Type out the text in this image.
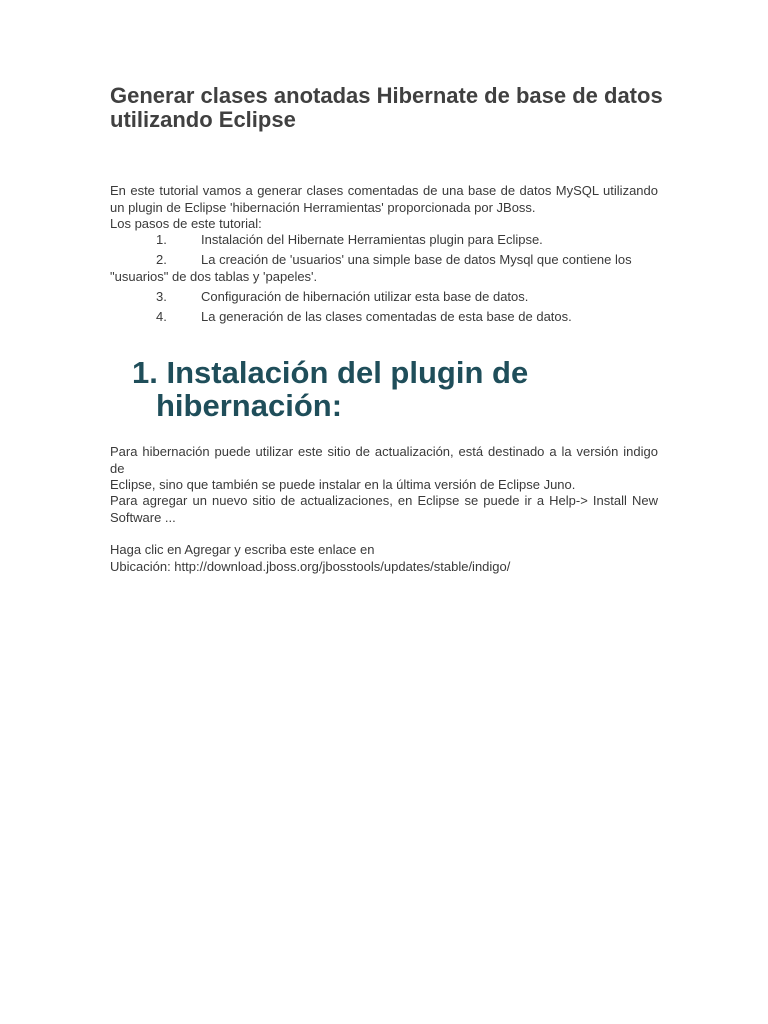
Generar clases anotadas Hibernate de base de datos
utilizando Eclipse

En este tutorial vamos a generar clases comentadas de una base de datos MySQL utilizando
un plugin de Eclipse 'hibernación Herramientas' proporcionada por JBoss.

Los pasos de este tutorial:
1.	Instalación del Hibernate Herramientas plugin para Eclipse.
2.	La creación de 'usuarios' una simple base de datos Mysql que contiene los
"usuarios" de dos tablas y 'papeles'.
3.	Configuración de hibernación utilizar esta base de datos.
4.	La generación de las clases comentadas de esta base de datos.
1. Instalación del plugin de
hibernación:

Para hibernación puede utilizar este sitio de actualización, está destinado a la versión indigo de
Eclipse, sino que también se puede instalar en la última versión de Eclipse Juno.

Para agregar un nuevo sitio de actualizaciones, en Eclipse se puede ir a Help-> Install New
Software ...

Haga clic en Agregar y escriba este enlace en
Ubicación: http://download.jboss.org/jbosstools/updates/stable/indigo/
